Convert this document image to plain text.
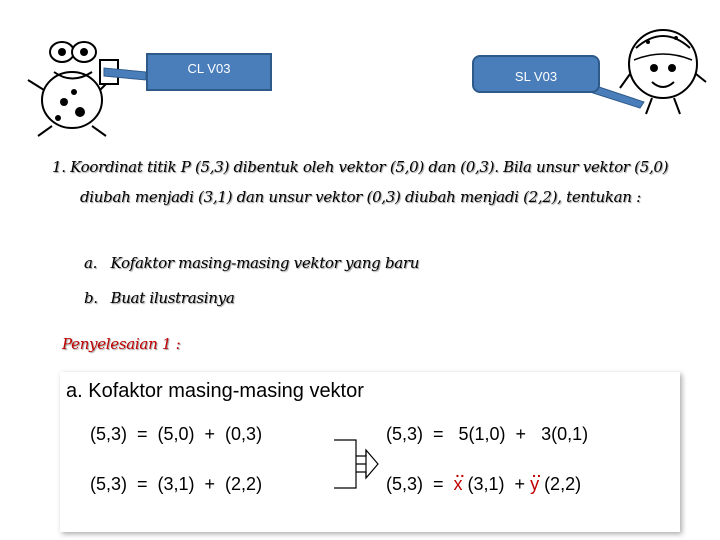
CL V03
SL V03
1. Koordinat titik P (5,3) dibentuk oleh vektor (5,0) dan (0,3). Bila unsur vektor (5,0)
diubah menjadi (3,1) dan unsur vektor (0,3) diubah menjadi (2,2), tentukan :
a. Kofaktor masing-masing vektor yang baru
b. Buat ilustrasinya
Penyelesaian 1 :
a. Kofaktor masing-masing vektor
(5,3)  =  (5,0)  +  (0,3)
(5,3)  =  (3,1)  +  (2,2)
(5,3)  =   5(1,0)  +   3(0,1)
(5,3)  =
..
x (3,1)  +
..
y (2,2)
